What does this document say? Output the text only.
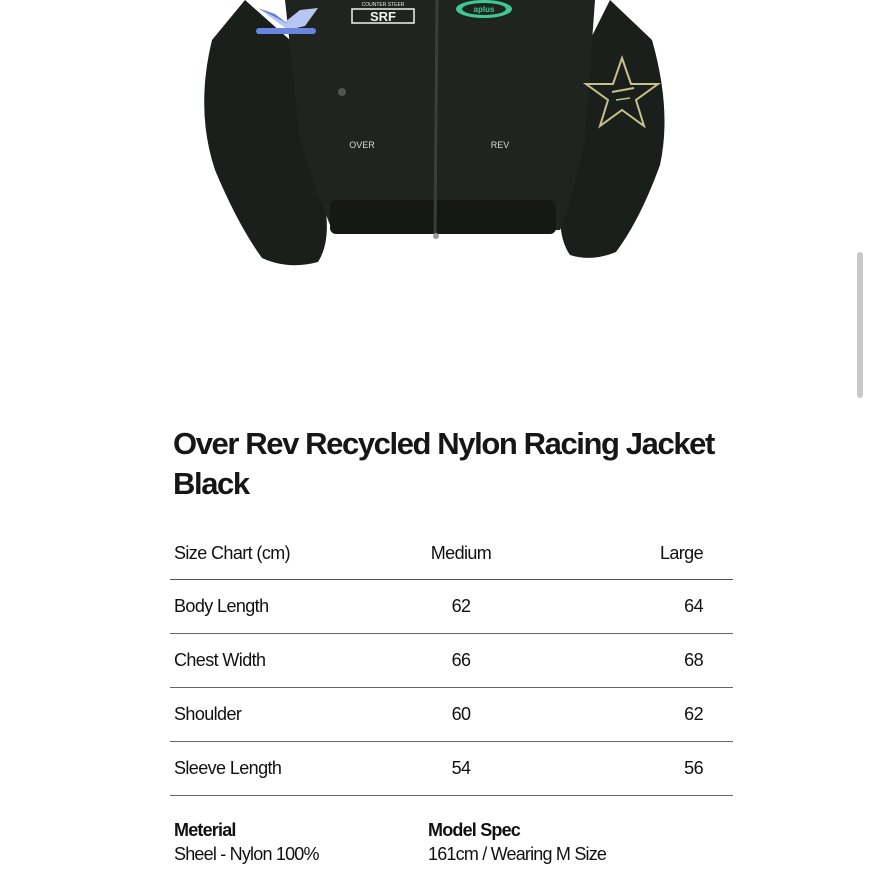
COUNTER STEER
SRF	aplus
OVER	REV
Over Rev Recycled Nylon Racing Jacket Black
Size Chart (cm)	Medium	Large
Body Length	62	64
Chest Width	66	68
Shoulder	60	62
Sleeve Length	54	56
Meterial
Sheel - Nylon 100%
Model Spec
161cm / Wearing M Size
